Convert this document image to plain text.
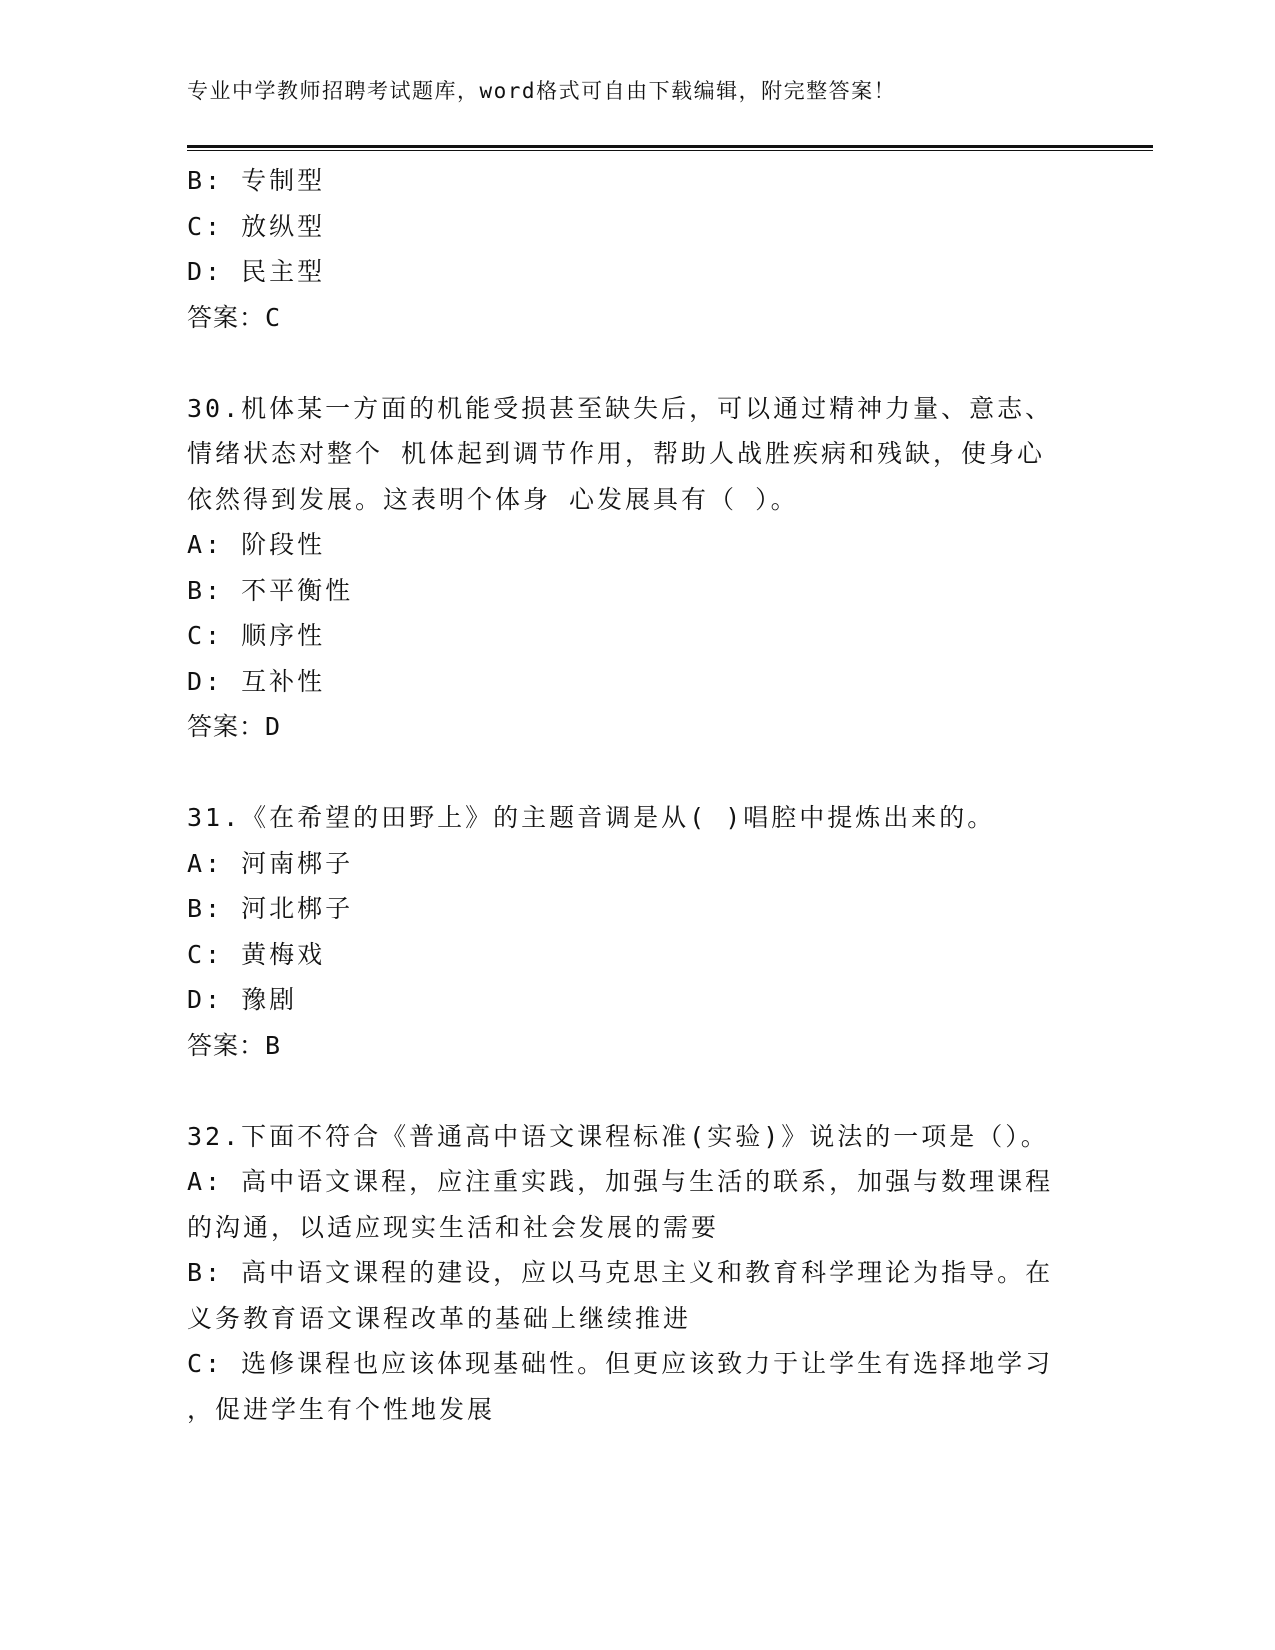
专业中学教师招聘考试题库，word格式可自由下载编辑，附完整答案！
B: 专制型
C: 放纵型
D: 民主型
答案：C
30.机体某一方面的机能受损甚至缺失后，可以通过精神力量、意志、
情绪状态对整个 机体起到调节作用，帮助人战胜疾病和残缺，使身心
依然得到发展。这表明个体身 心发展具有（ ）。
A: 阶段性
B: 不平衡性
C: 顺序性
D: 互补性
答案：D
31.《在希望的田野上》的主题音调是从( )唱腔中提炼出来的。
A: 河南梆子
B: 河北梆子
C: 黄梅戏
D: 豫剧
答案：B
32.下面不符合《普通高中语文课程标准(实验)》说法的一项是（）。
A: 高中语文课程，应注重实践，加强与生活的联系，加强与数理课程
的沟通，以适应现实生活和社会发展的需要
B: 高中语文课程的建设，应以马克思主义和教育科学理论为指导。在
义务教育语文课程改革的基础上继续推进
C: 选修课程也应该体现基础性。但更应该致力于让学生有选择地学习
，促进学生有个性地发展
